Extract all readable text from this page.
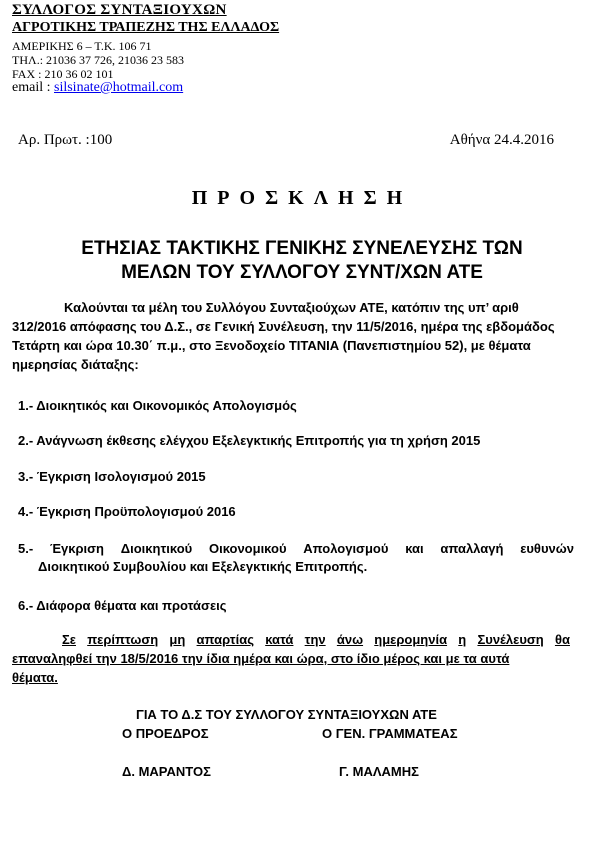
ΣΥΛΛΟΓΟΣ ΣΥΝΤΑΞΙΟΥΧΩΝ
ΑΓΡΟΤΙΚΗΣ ΤΡΑΠΕΖΗΣ ΤΗΣ ΕΛΛΑΔΟΣ
ΑΜΕΡΙΚΗΣ 6 – Τ.Κ. 106 71
ΤΗΛ.: 21036 37 726, 21036 23 583
FAX : 210 36 02 101
email : silsinate@hotmail.com
Αρ. Πρωτ. :100	Αθήνα 24.4.2016
ΠΡΟΣΚΛΗΣΗ
ΕΤΗΣΙΑΣ ΤΑΚΤΙΚΗΣ ΓΕΝΙΚΗΣ ΣΥΝΕΛΕΥΣΗΣ ΤΩΝ
ΜΕΛΩΝ ΤΟΥ ΣΥΛΛΟΓΟΥ ΣΥΝΤ/ΧΩΝ ΑΤΕ
Καλούνται τα μέλη του Συλλόγου Συνταξιούχων ΑΤΕ, κατόπιν της υπ’ αριθ
312/2016 απόφασης του Δ.Σ., σε Γενική Συνέλευση, την 11/5/2016, ημέρα της εβδομάδος
Τετάρτη και ώρα 10.30΄ π.μ., στο Ξενοδοχείο ΤΙΤΑΝΙΑ (Πανεπιστημίου 52), με θέματα
ημερησίας διάταξης:
1.- Διοικητικός και Οικονομικός Απολογισμός
2.- Ανάγνωση έκθεσης ελέγχου Εξελεγκτικής Επιτροπής για τη χρήση 2015
3.- Έγκριση Ισολογισμού 2015
4.- Έγκριση Προϋπολογισμού 2016
5.- Έγκριση Διοικητικού Οικονομικού Απολογισμού και απαλλαγή ευθυνών
Διοικητικού Συμβουλίου και Εξελεγκτικής Επιτροπής.
6.- Διάφορα θέματα και προτάσεις
Σε περίπτωση μη απαρτίας κατά την άνω ημερομηνία η Συνέλευση θα
επαναληφθεί την 18/5/2016 την ίδια ημέρα και ώρα, στο ίδιο μέρος και με τα αυτά
θέματα.
ΓΙΑ ΤΟ Δ.Σ ΤΟΥ ΣΥΛΛΟΓΟΥ ΣΥΝΤΑΞΙΟΥΧΩΝ ΑΤΕ
Ο ΠΡΟΕΔΡΟΣ	Ο ΓΕΝ. ΓΡΑΜΜΑΤΕΑΣ
Δ. ΜΑΡΑΝΤΟΣ	Γ. ΜΑΛΑΜΗΣ
